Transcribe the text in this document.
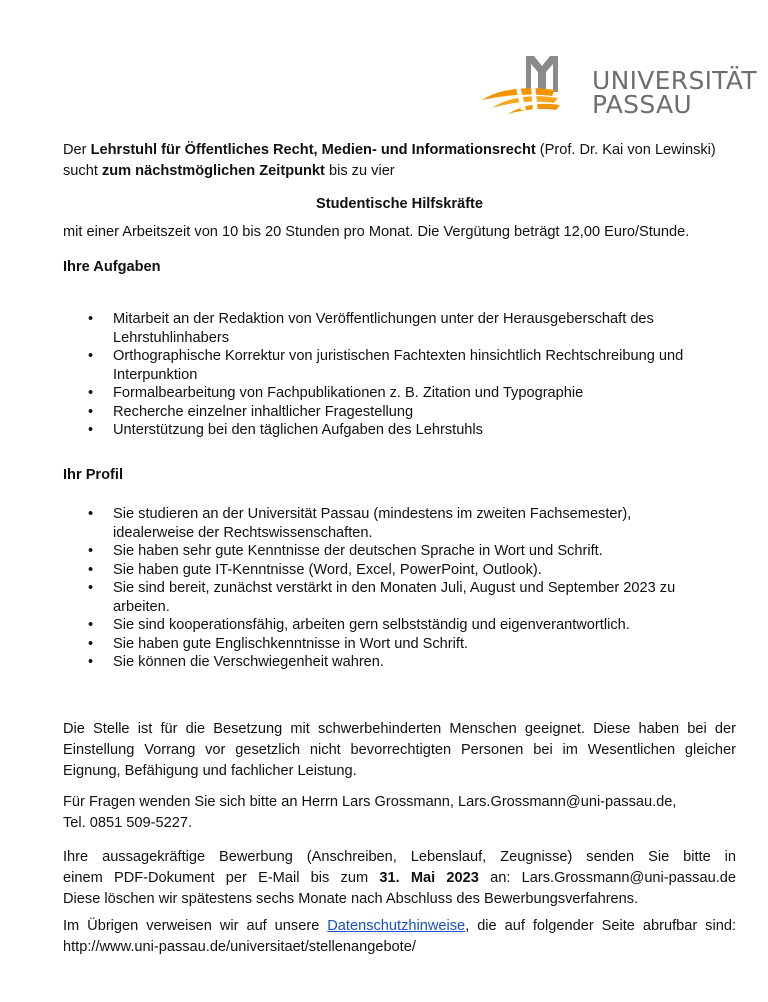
UNIVERSITÄT
PASSAU

Der Lehrstuhl für Öffentliches Recht, Medien- und Informationsrecht (Prof. Dr. Kai von Lewinski) sucht zum nächstmöglichen Zeitpunkt bis zu vier

Studentische Hilfskräfte

mit einer Arbeitszeit von 10 bis 20 Stunden pro Monat. Die Vergütung beträgt 12,00 Euro/Stunde.

Ihre Aufgaben

• Mitarbeit an der Redaktion von Veröffentlichungen unter der Herausgeberschaft des Lehrstuhlinhabers
• Orthographische Korrektur von juristischen Fachtexten hinsichtlich Rechtschreibung und Interpunktion
• Formalbearbeitung von Fachpublikationen z. B. Zitation und Typographie
• Recherche einzelner inhaltlicher Fragestellung
• Unterstützung bei den täglichen Aufgaben des Lehrstuhls

Ihr Profil

• Sie studieren an der Universität Passau (mindestens im zweiten Fachsemester), idealerweise der Rechtswissenschaften.
• Sie haben sehr gute Kenntnisse der deutschen Sprache in Wort und Schrift.
• Sie haben gute IT-Kenntnisse (Word, Excel, PowerPoint, Outlook).
• Sie sind bereit, zunächst verstärkt in den Monaten Juli, August und September 2023 zu arbeiten.
• Sie sind kooperationsfähig, arbeiten gern selbstständig und eigenverantwortlich.
• Sie haben gute Englischkenntnisse in Wort und Schrift.
• Sie können die Verschwiegenheit wahren.

Die Stelle ist für die Besetzung mit schwerbehinderten Menschen geeignet. Diese haben bei der Einstellung Vorrang vor gesetzlich nicht bevorrechtigten Personen bei im Wesentlichen gleicher Eignung, Befähigung und fachlicher Leistung.

Für Fragen wenden Sie sich bitte an Herrn Lars Grossmann, Lars.Grossmann@uni-passau.de,
Tel. 0851 509-5227.

Ihre aussagekräftige Bewerbung (Anschreiben, Lebenslauf, Zeugnisse) senden Sie bitte in
einem PDF-Dokument per E-Mail bis zum 31. Mai 2023 an: Lars.Grossmann@uni-passau.de
Diese löschen wir spätestens sechs Monate nach Abschluss des Bewerbungsverfahrens.
Im Übrigen verweisen wir auf unsere Datenschutzhinweise, die auf folgender Seite abrufbar sind:
http://www.uni-passau.de/universitaet/stellenangebote/
